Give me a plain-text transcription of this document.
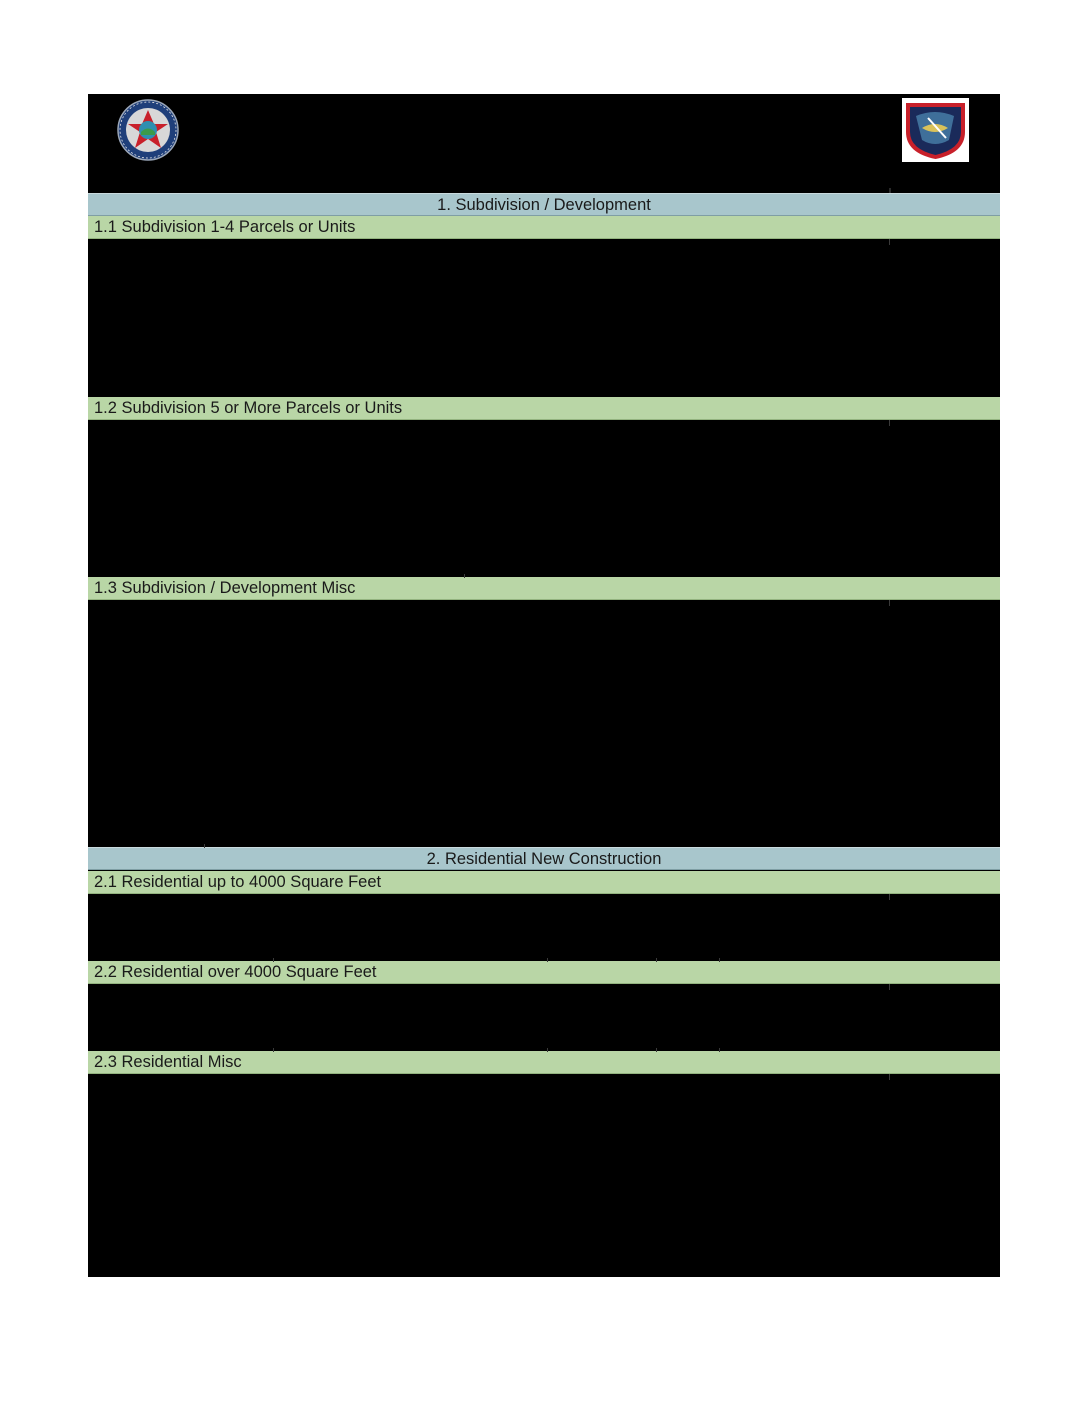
1. Subdivision / Development
1.1 Subdivision 1-4 Parcels or Units
1.2 Subdivision 5 or More Parcels or Units
1.3 Subdivision / Development Misc
2. Residential New Construction
2.1 Residential up to 4000 Square Feet
2.2 Residential over 4000 Square Feet
2.3 Residential Misc
